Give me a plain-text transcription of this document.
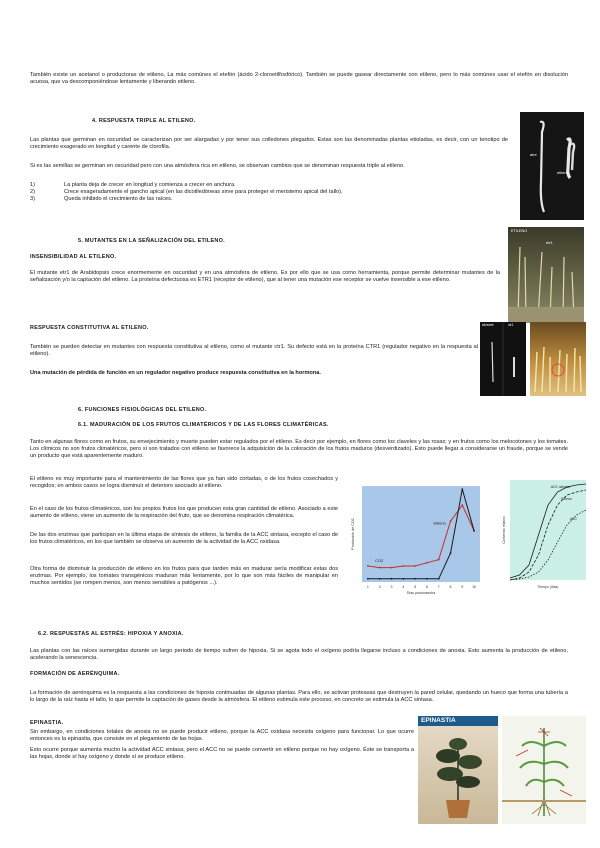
También existe un acetanol o productoras de etileno, La más comúnes el etefón (ácido 2-cloroetilfosfórico). También se puede gasear directamente con etileno, pero lo más comúnes usar el etefón en disolución acuosa, que va descomponiéndose lentamente y liberando etileno.
4. RESPUESTA TRIPLE AL ETILENO.
Las plantas que germinan en oscuridad se caracterizan por ser alargadas y por tener sus colledones plegados. Estas son las denominadas plantas etioladas, es decir, con un tenotipo de crecimiento exagerado en longitud y carente de clorofila.
Si es las semillas se germinan en oscuridad pero con una atmósfera rica en etileno, se observan cambios que se denominan respuesta triple al etileno.
1)	La planta deja de crecer en longitud y comienza a crecer en anchura.
2)	Crece exageradamente el gancho apical (en las dicotiledóneas sirve para proteger el meristemo apical del tallo).
3)	Queda inhibido el crecimiento de las raíces.
aire
etileno
5. MUTANTES EN LA SEÑALIZACIÓN DEL ETILENO.
INSENSIBILIDAD AL ETILENO.
El mutante etr1 de Arabidopsis crece enormemente en oscuridad y en una atmósfera de etileno. Es por ello que se usa como herramienta, porque permite determinar mutantes de la señalización y/o la captación del etileno. La proteína defectuosa es ETR1 (receptor de etileno), que al tener una mutación ese receptor se vuelve insensible a ese etileno.
ETILENO
etr1
RESPUESTA CONSTITUTIVA AL ETILENO.
También se pueden detectar en mutantes con respuesta constitutiva al etileno, como el mutante ctr1. Su defecto está en la proteína CTR1 (regulador negativo en la respuesta al etileno).
Una mutación de pérdida de función en un regulador negativo produce respuesta constitutiva en la hormona.
silvestre	ctr1
6. FUNCIONES FISIOLÓGICAS DEL ETILENO.
6.1. MADURACIÓN DE LOS FRUTOS CLIMATÉRICOS Y DE LAS FLORES CLIMATÉRICAS.
Tanto en algunas flores como en frutos, su envejecimiento y muerte pueden estar regulados por el etileno. Es decir por ejemplo, en flores como los claveles y las rosas; y en frutos como los melocotones y los tomates. Los clímicos no son frutos climatéricos, pero si son tratados con etileno se favorece la adquisición de la coloración de los frutos maduros (desverdizado). Esto puede llegar a considerarse un fraude, porque se vende un producto que está aparentemente maduro.
El etileno es muy importante para el mantenimiento de las flores que ya han sido cortadas, o de los frutos cosechados y recogidos; en ambos casos se logra disminuir el deterioro asociado al etileno.
En el caso de los frutos climatéricos, son los propios frutos los que producen esta gran cantidad de etileno. Asociado a este aumento de etileno, viene un aumento de la respiración del fruto, que se denomina respiración climatérica.
De las dos enzimas que participan en la última etapa de síntesis de etileno, la familia de la ACC sintasa, excepto el caso de los frutos climatéricos, en los que también se observa un aumento de la actividad de la ACC oxidasa.
Otra forma de disminuir la producción de etileno en los frutos para que tarden más en madurar sería modificar estas dos enzimas. Por ejemplo, los tomates transgénicos maduran más lentamente, por lo que son más fáciles de manipular en muchos sentidos (se rompen menos, son menos sensibles a patógenos ...).
1	2	3	4	5	6	7	8	9 10
Días postcosecha
Producción de CO2
CO2
Etileno
ACC sintasa
Etileno
ACC
Tiempo (días)
Contenido relativo
6.2. RESPUESTAS AL ESTRÉS: HIPOXIA Y ANOXIA.
Las plantas con las raíces sumergidas durante un largo periodo de tiempo sufren de hipoxia. Si se agota todo el oxígeno podría llegarse incluso a condiciones de anoxia. Esto aumenta la producción de etileno, acelerando la senescencia.
FORMACIÓN DE AERÉNQUIMA.
La formación de aerénquima es la respuesta a las condiciones de hipoxia continuadas de algunas plantas. Para ello, se activan proteasas que destruyen la pared celular, quedando un hueco que forma una tubería a lo largo de la raíz hasta el tallo, lo que permite la captación de gases desde la atmósfera. El etileno estimula este proceso, en concreto se estimula la ACC sintasa.
EPINASTIA.
Sin embargo, en condiciones totales de anoxia no se puede producir etileno, porque la ACC oxidasa necesita oxígeno para funcionar. Lo que ocurre entonces es la epinastia, que consiste en el plegamiento de las hojas.
Esto ocurre porque aumenta mucho la actividad ACC sintasa, pero el ACC no se puede convertir en etileno porque no hay oxígeno. Éste se transporta a las hojas, donde sí hay oxígeno y donde sí se produce etileno.
EPINASTIA
